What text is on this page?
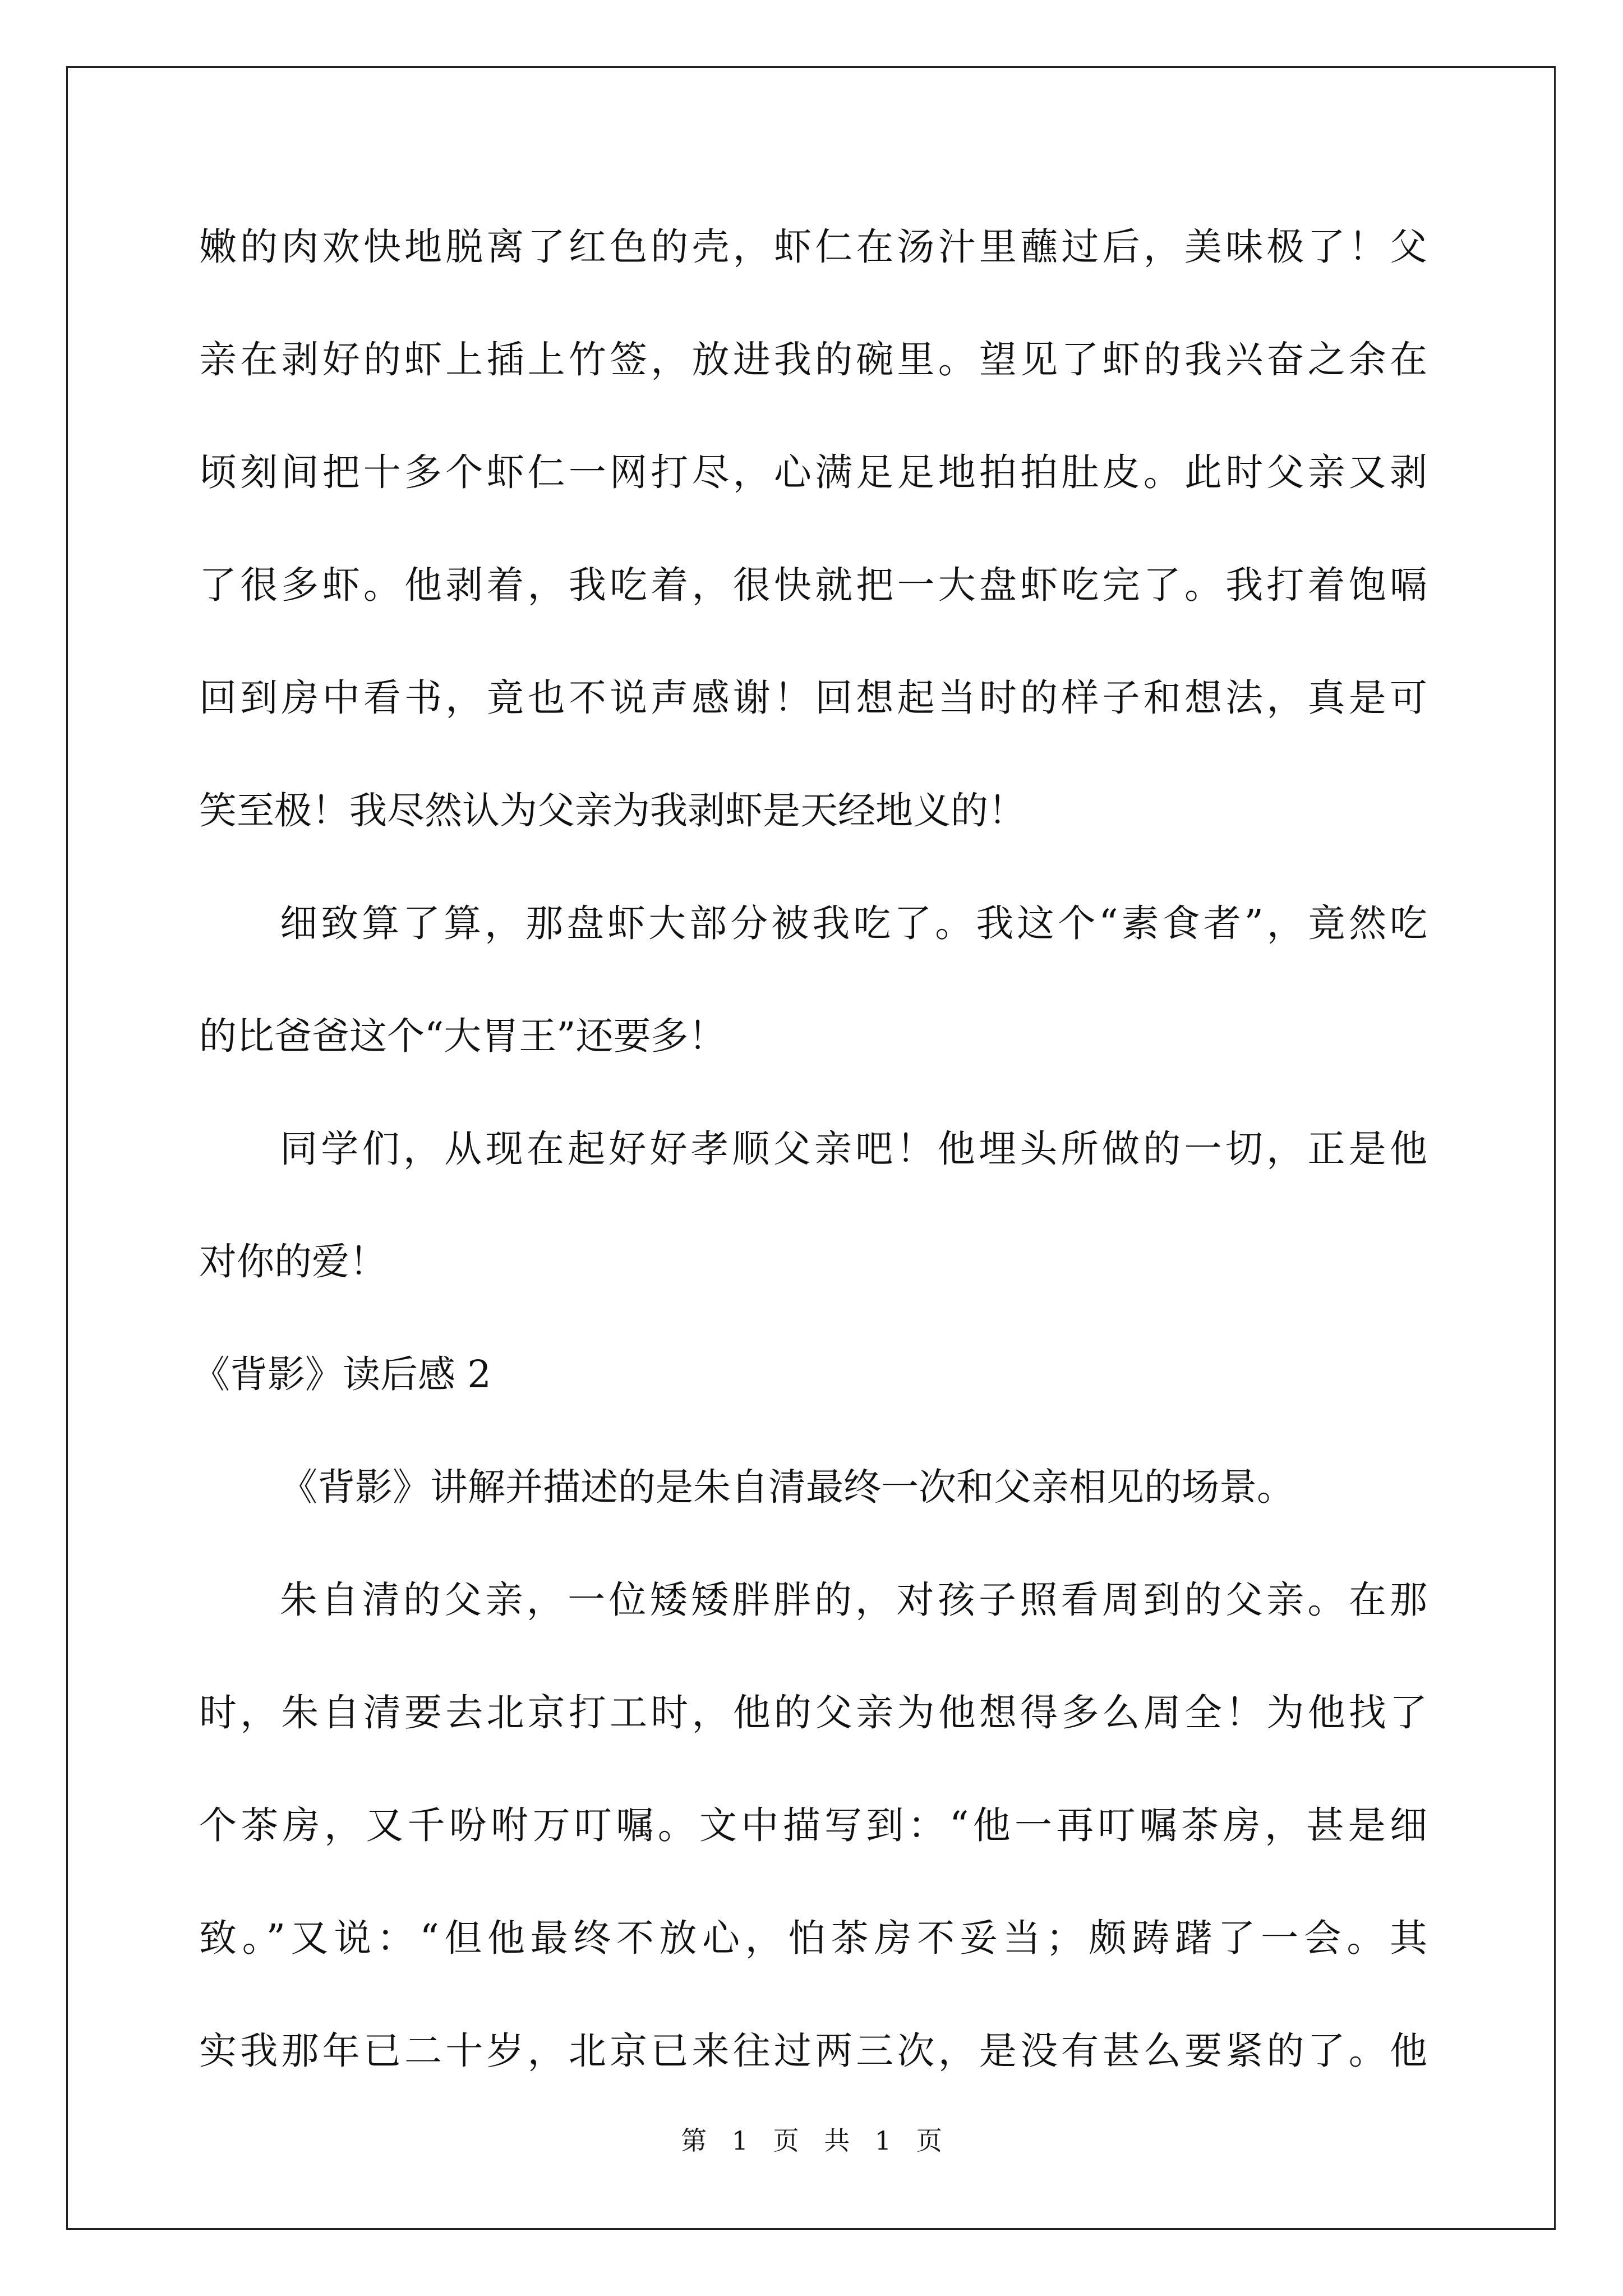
嫩的肉欢快地脱离了红色的壳，虾仁在汤汁里蘸过后，美味极了！父
亲在剥好的虾上插上竹签，放进我的碗里。望见了虾的我兴奋之余在
顷刻间把十多个虾仁一网打尽，心满足足地拍拍肚皮。此时父亲又剥
了很多虾。他剥着，我吃着，很快就把一大盘虾吃完了。我打着饱嗝
回到房中看书，竟也不说声感谢！回想起当时的样子和想法，真是可
笑至极！我尽然认为父亲为我剥虾是天经地义的！
细致算了算，那盘虾大部分被我吃了。我这个“素食者”，竟然吃
的比爸爸这个“大胃王”还要多！
同学们，从现在起好好孝顺父亲吧！他埋头所做的一切，正是他
对你的爱！
《背影》读后感 2
《背影》讲解并描述的是朱自清最终一次和父亲相见的场景。
朱自清的父亲，一位矮矮胖胖的，对孩子照看周到的父亲。在那
时，朱自清要去北京打工时，他的父亲为他想得多么周全！为他找了
个茶房，又千吩咐万叮嘱。文中描写到：“他一再叮嘱茶房，甚是细
致。”又说：“但他最终不放心，怕茶房不妥当；颇踌躇了一会。其
实我那年已二十岁，北京已来往过两三次，是没有甚么要紧的了。他
第 1 页 共 1 页
